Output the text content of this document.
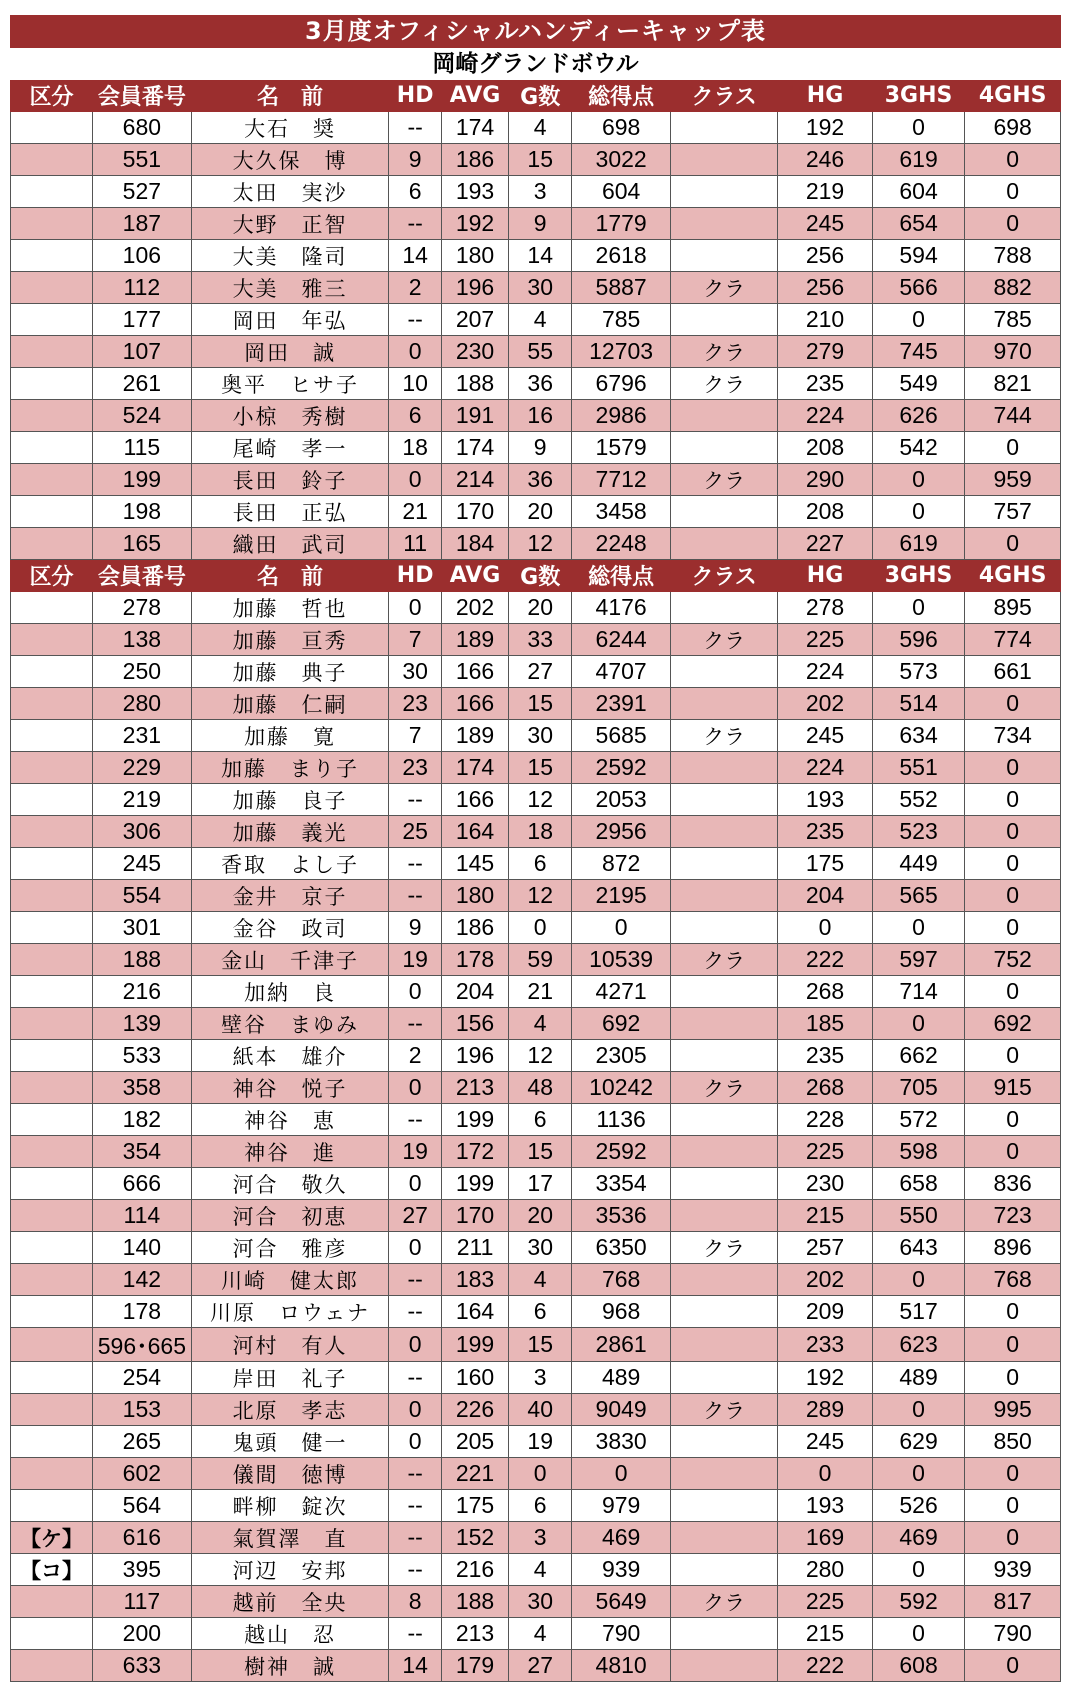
3月度オフィシャルハンディーキャップ表
岡崎グランドボウル
区分	会員番号	名　前	HD	AVG	G数	総得点	クラス	HG	3GHS	4GHS
	680	大石　奨	--	174	4	698		192	0	698
	551	大久保　博	9	186	15	3022		246	619	0
	527	太田　実沙	6	193	3	604		219	604	0
	187	大野　正智	--	192	9	1779		245	654	0
	106	大美　隆司	14	180	14	2618		256	594	788
	112	大美　雅三	2	196	30	5887	クラ	256	566	882
	177	岡田　年弘	--	207	4	785		210	0	785
	107	岡田　誠	0	230	55	12703	クラ	279	745	970
	261	奥平　ヒサ子	10	188	36	6796	クラ	235	549	821
	524	小椋　秀樹	6	191	16	2986		224	626	744
	115	尾崎　孝一	18	174	9	1579		208	542	0
	199	長田　鈴子	0	214	36	7712	クラ	290	0	959
	198	長田　正弘	21	170	20	3458		208	0	757
	165	織田　武司	11	184	12	2248		227	619	0
区分	会員番号	名　前	HD	AVG	G数	総得点	クラス	HG	3GHS	4GHS
	278	加藤　哲也	0	202	20	4176		278	0	895
	138	加藤　亘秀	7	189	33	6244	クラ	225	596	774
	250	加藤　典子	30	166	27	4707		224	573	661
	280	加藤　仁嗣	23	166	15	2391		202	514	0
	231	加藤　寛	7	189	30	5685	クラ	245	634	734
	229	加藤　まり子	23	174	15	2592		224	551	0
	219	加藤　良子	--	166	12	2053		193	552	0
	306	加藤　義光	25	164	18	2956		235	523	0
	245	香取　よし子	--	145	6	872		175	449	0
	554	金井　京子	--	180	12	2195		204	565	0
	301	金谷　政司	9	186	0	0		0	0	0
	188	金山　千津子	19	178	59	10539	クラ	222	597	752
	216	加納　良	0	204	21	4271		268	714	0
	139	壁谷　まゆみ	--	156	4	692		185	0	692
	533	紙本　雄介	2	196	12	2305		235	662	0
	358	神谷　悦子	0	213	48	10242	クラ	268	705	915
	182	神谷　恵	--	199	6	1136		228	572	0
	354	神谷　進	19	172	15	2592		225	598	0
	666	河合　敬久	0	199	17	3354		230	658	836
	114	河合　初恵	27	170	20	3536		215	550	723
	140	河合　雅彦	0	211	30	6350	クラ	257	643	896
	142	川崎　健太郎	--	183	4	768		202	0	768
	178	川原　ロウェナ	--	164	6	968		209	517	0
	596･665	河村　有人	0	199	15	2861		233	623	0
	254	岸田　礼子	--	160	3	489		192	489	0
	153	北原　孝志	0	226	40	9049	クラ	289	0	995
	265	鬼頭　健一	0	205	19	3830		245	629	850
	602	儀間　徳博	--	221	0	0		0	0	0
	564	畔柳　錠次	--	175	6	979		193	526	0
【ケ】	616	氣賀澤　直	--	152	3	469		169	469	0
【コ】	395	河辺　安邦	--	216	4	939		280	0	939
	117	越前　全央	8	188	30	5649	クラ	225	592	817
	200	越山　忍	--	213	4	790		215	0	790
	633	樹神　誠	14	179	27	4810		222	608	0
